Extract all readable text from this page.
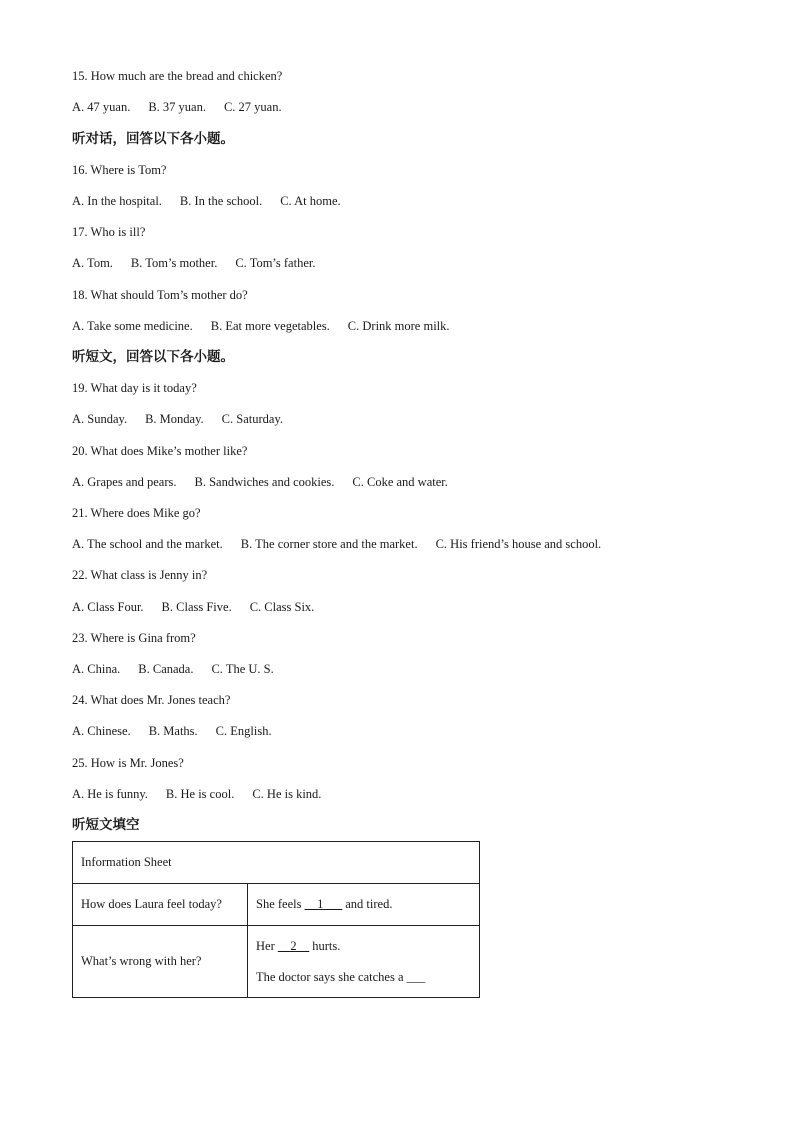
15. How much are the bread and chicken?
A. 47 yuan. B. 37 yuan. C. 27 yuan.
听对话，回答以下各小题。
16. Where is Tom?
A. In the hospital. B. In the school. C. At home.
17. Who is ill?
A. Tom. B. Tom’s mother. C. Tom’s father.
18. What should Tom’s mother do?
A. Take some medicine. B. Eat more vegetables. C. Drink more milk.
听短文，回答以下各小题。
19. What day is it today?
A. Sunday. B. Monday. C. Saturday.
20. What does Mike’s mother like?
A. Grapes and pears. B. Sandwiches and cookies. C. Coke and water.
21. Where does Mike go?
A. The school and the market. B. The corner store and the market. C. His friend’s house and school.
22. What class is Jenny in?
A. Class Four. B. Class Five. C. Class Six.
23. Where is Gina from?
A. China. B. Canada. C. The U. S.
24. What does Mr. Jones teach?
A. Chinese. B. Maths. C. English.
25. How is Mr. Jones?
A. He is funny. B. He is cool. C. He is kind.
听短文填空
Information Sheet	
How does Laura feel today?	She feels __1___ and tired.
What’s wrong with her?	Her __2__ hurts.
The doctor says she catches a ___
